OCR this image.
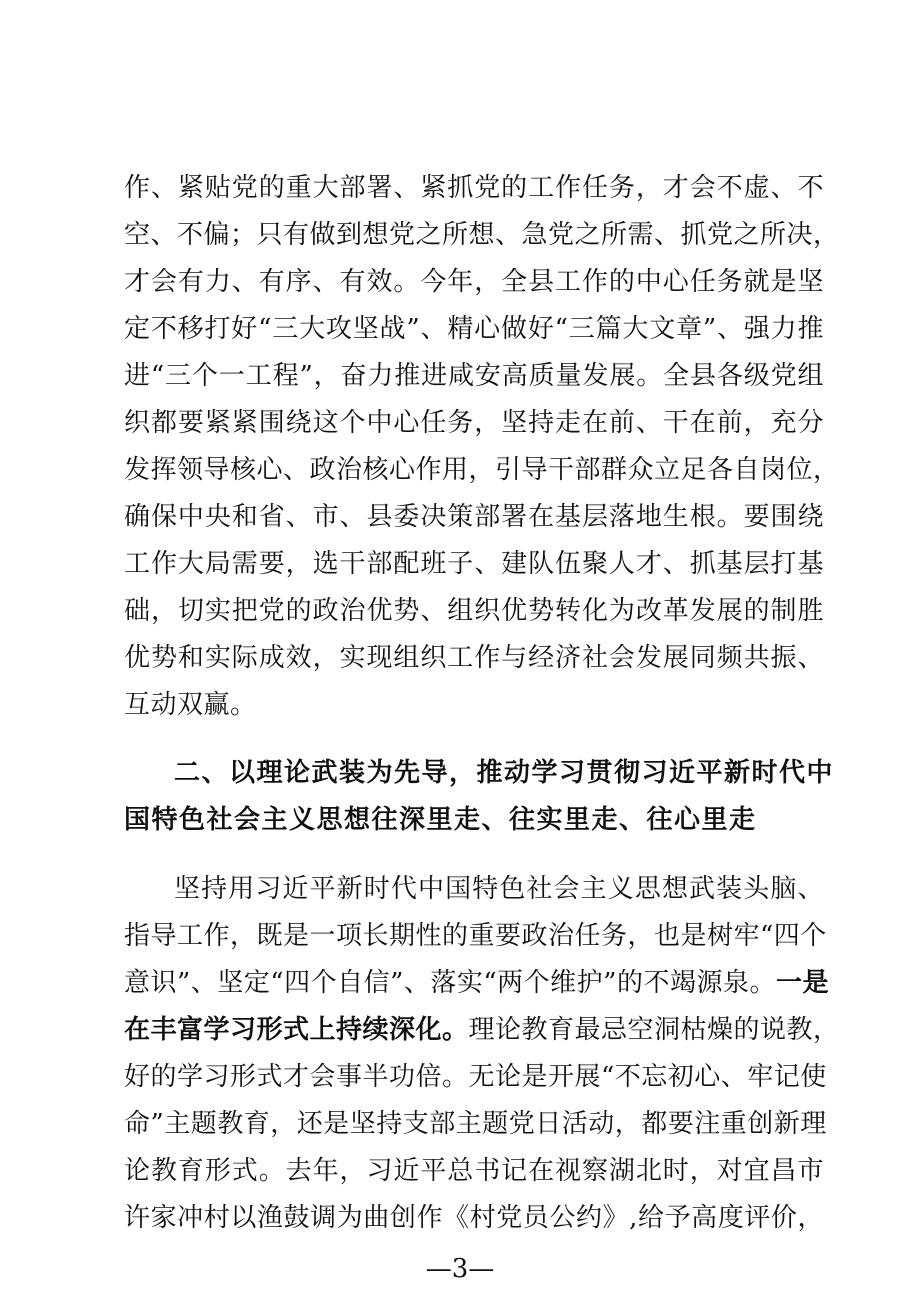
作、紧贴党的重大部署、紧抓党的工作任务，才会不虚、不
空、不偏；只有做到想党之所想、急党之所需、抓党之所决，
才会有力、有序、有效。今年，全县工作的中心任务就是坚
定不移打好“三大攻坚战”、精心做好“三篇大文章”、强力推
进“三个一工程”，奋力推进咸安高质量发展。全县各级党组
织都要紧紧围绕这个中心任务，坚持走在前、干在前，充分
发挥领导核心、政治核心作用，引导干部群众立足各自岗位，
确保中央和省、市、县委决策部署在基层落地生根。要围绕
工作大局需要，选干部配班子、建队伍聚人才、抓基层打基
础，切实把党的政治优势、组织优势转化为改革发展的制胜
优势和实际成效，实现组织工作与经济社会发展同频共振、
互动双赢。
二、以理论武装为先导，推动学习贯彻习近平新时代中
国特色社会主义思想往深里走、往实里走、往心里走
坚持用习近平新时代中国特色社会主义思想武装头脑、
指导工作，既是一项长期性的重要政治任务，也是树牢“四个
意识”、坚定“四个自信”、落实“两个维护”的不竭源泉。一是
在丰富学习形式上持续深化。理论教育最忌空洞枯燥的说教，
好的学习形式才会事半功倍。无论是开展“不忘初心、牢记使
命”主题教育，还是坚持支部主题党日活动，都要注重创新理
论教育形式。去年，习近平总书记在视察湖北时，对宜昌市
许家冲村以渔鼓调为曲创作《村党员公约》,给予高度评价，
—3—
